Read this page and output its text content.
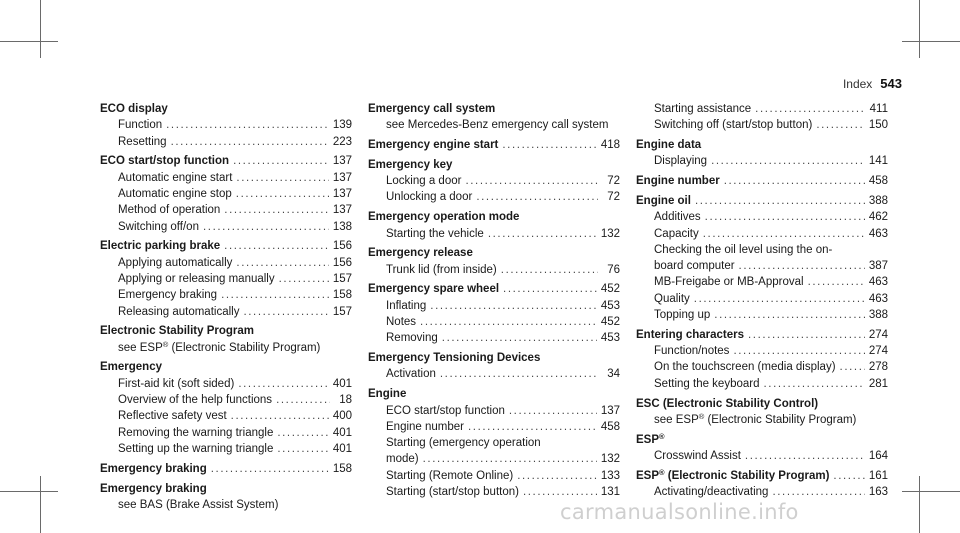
Index 543
ECO display
Function .....	139
Resetting .....	223
ECO start/stop function .....	137
Automatic engine start .....	137
Automatic engine stop .....	137
Method of operation .....	137
Switching off/on .....	138
Electric parking brake .....	156
Applying automatically .....	156
Applying or releasing manually .....	157
Emergency braking .....	158
Releasing automatically .....	157
Electronic Stability Program
see ESP® (Electronic Stability Program)
Emergency
First-aid kit (soft sided) .....	401
Overview of the help functions .....	18
Reflective safety vest .....	400
Removing the warning triangle .....	401
Setting up the warning triangle .....	401
Emergency braking .....	158
Emergency braking
see BAS (Brake Assist System)
Emergency call system
see Mercedes-Benz emergency call system
Emergency engine start .....	418
Emergency key
Locking a door .....	72
Unlocking a door .....	72
Emergency operation mode
Starting the vehicle .....	132
Emergency release
Trunk lid (from inside) .....	76
Emergency spare wheel .....	452
Inflating .....	453
Notes .....	452
Removing .....	453
Emergency Tensioning Devices
Activation .....	34
Engine
ECO start/stop function .....	137
Engine number .....	458
Starting (emergency operation
mode) .....	132
Starting (Remote Online) .....	133
Starting (start/stop button) .....	131
Starting assistance .....	411
Switching off (start/stop button) .....	150
Engine data
Displaying .....	141
Engine number .....	458
Engine oil .....	388
Additives .....	462
Capacity .....	463
Checking the oil level using the on-
board computer .....	387
MB-Freigabe or MB-Approval .....	463
Quality .....	463
Topping up .....	388
Entering characters .....	274
Function/notes .....	274
On the touchscreen (media display) .....	278
Setting the keyboard .....	281
ESC (Electronic Stability Control)
see ESP® (Electronic Stability Program)
ESP®
Crosswind Assist .....	164
ESP® (Electronic Stability Program) .....	161
Activating/deactivating .....	163
carmanualsonline.info
